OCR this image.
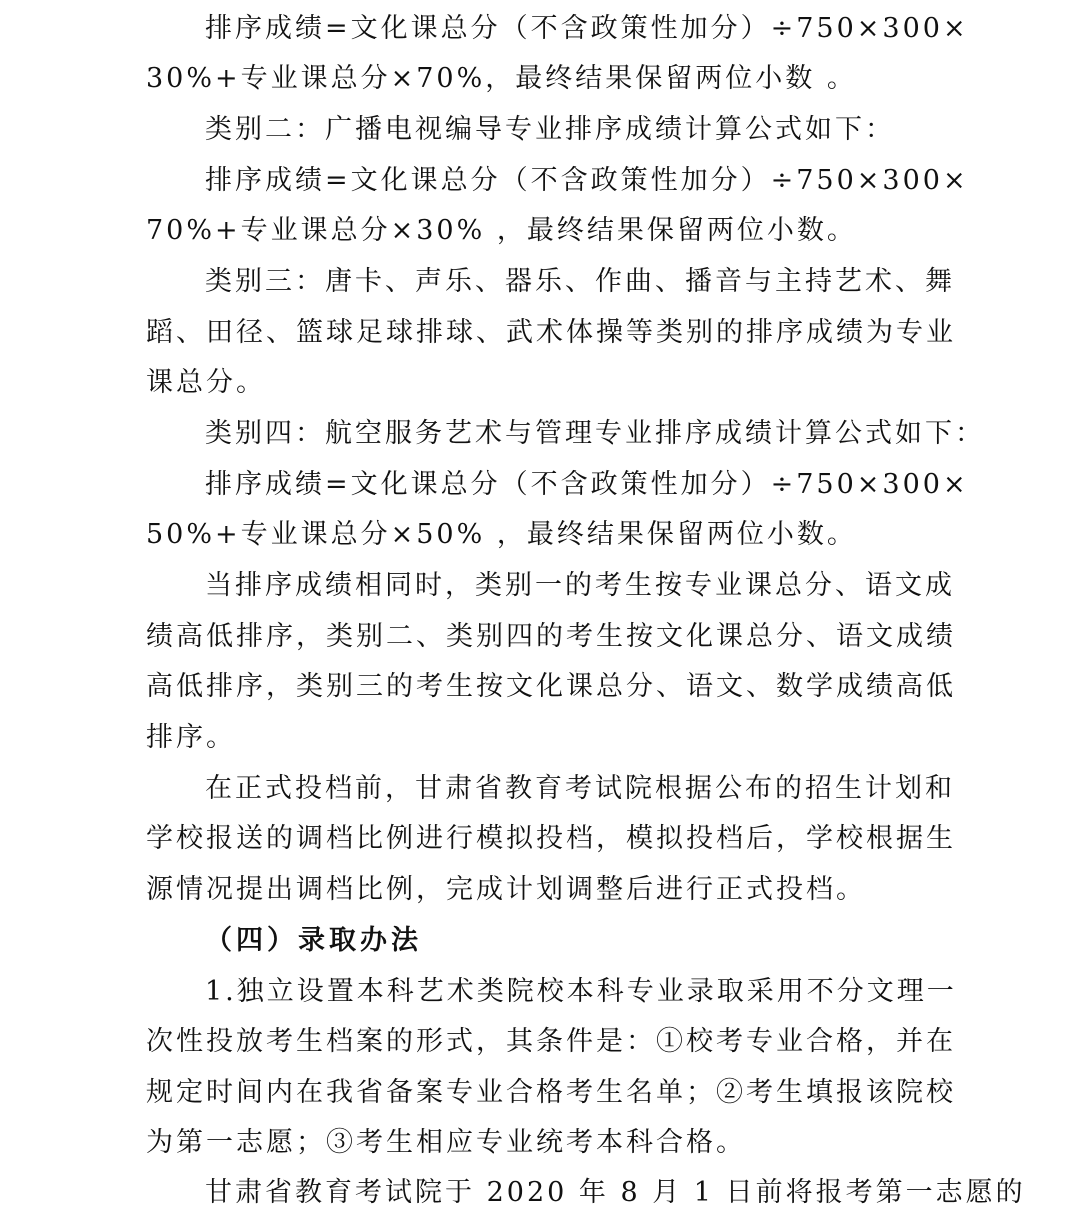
排序成绩=文化课总分（不含政策性加分）÷750×300×
30%+专业课总分×70%，最终结果保留两位小数 。
类别二：广播电视编导专业排序成绩计算公式如下：
排序成绩=文化课总分（不含政策性加分）÷750×300×
70%+专业课总分×30% ，最终结果保留两位小数。
类别三：唐卡、声乐、器乐、作曲、播音与主持艺术、舞
蹈、田径、篮球足球排球、武术体操等类别的排序成绩为专业
课总分。
类别四：航空服务艺术与管理专业排序成绩计算公式如下：
排序成绩=文化课总分（不含政策性加分）÷750×300×
50%+专业课总分×50% ，最终结果保留两位小数。
当排序成绩相同时，类别一的考生按专业课总分、语文成
绩高低排序，类别二、类别四的考生按文化课总分、语文成绩
高低排序，类别三的考生按文化课总分、语文、数学成绩高低
排序。
在正式投档前，甘肃省教育考试院根据公布的招生计划和
学校报送的调档比例进行模拟投档，模拟投档后，学校根据生
源情况提出调档比例，完成计划调整后进行正式投档。
（四）录取办法
1.独立设置本科艺术类院校本科专业录取采用不分文理一
次性投放考生档案的形式，其条件是：①校考专业合格，并在
规定时间内在我省备案专业合格考生名单；②考生填报该院校
为第一志愿；③考生相应专业统考本科合格。
甘肃省教育考试院于 2020 年 8 月 1 日前将报考第一志愿的
